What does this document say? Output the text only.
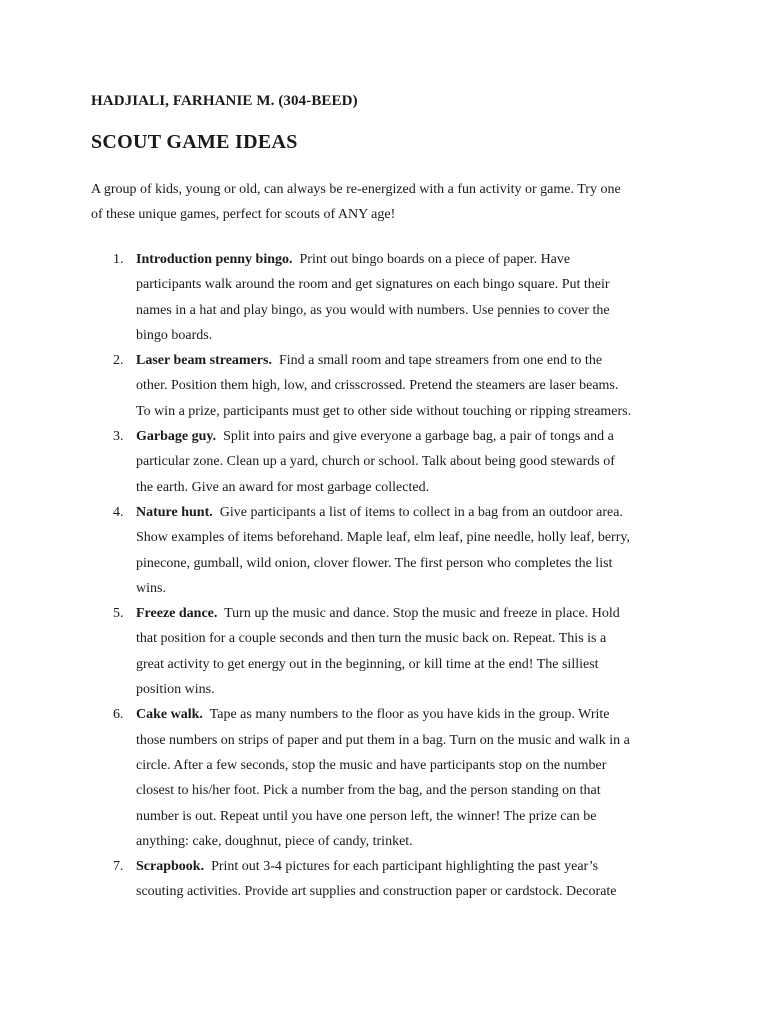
HADJIALI, FARHANIE M. (304-BEED)
SCOUT GAME IDEAS
A group of kids, young or old, can always be re-energized with a fun activity or game. Try one
of these unique games, perfect for scouts of ANY age!
1. Introduction penny bingo. Print out bingo boards on a piece of paper. Have
participants walk around the room and get signatures on each bingo square. Put their
names in a hat and play bingo, as you would with numbers. Use pennies to cover the
bingo boards.
2. Laser beam streamers. Find a small room and tape streamers from one end to the
other. Position them high, low, and crisscrossed. Pretend the steamers are laser beams.
To win a prize, participants must get to other side without touching or ripping streamers.
3. Garbage guy. Split into pairs and give everyone a garbage bag, a pair of tongs and a
particular zone. Clean up a yard, church or school. Talk about being good stewards of
the earth. Give an award for most garbage collected.
4. Nature hunt. Give participants a list of items to collect in a bag from an outdoor area.
Show examples of items beforehand. Maple leaf, elm leaf, pine needle, holly leaf, berry,
pinecone, gumball, wild onion, clover flower. The first person who completes the list
wins.
5. Freeze dance. Turn up the music and dance. Stop the music and freeze in place. Hold
that position for a couple seconds and then turn the music back on. Repeat. This is a
great activity to get energy out in the beginning, or kill time at the end! The silliest
position wins.
6. Cake walk. Tape as many numbers to the floor as you have kids in the group. Write
those numbers on strips of paper and put them in a bag. Turn on the music and walk in a
circle. After a few seconds, stop the music and have participants stop on the number
closest to his/her foot. Pick a number from the bag, and the person standing on that
number is out. Repeat until you have one person left, the winner! The prize can be
anything: cake, doughnut, piece of candy, trinket.
7. Scrapbook. Print out 3-4 pictures for each participant highlighting the past year’s
scouting activities. Provide art supplies and construction paper or cardstock. Decorate
